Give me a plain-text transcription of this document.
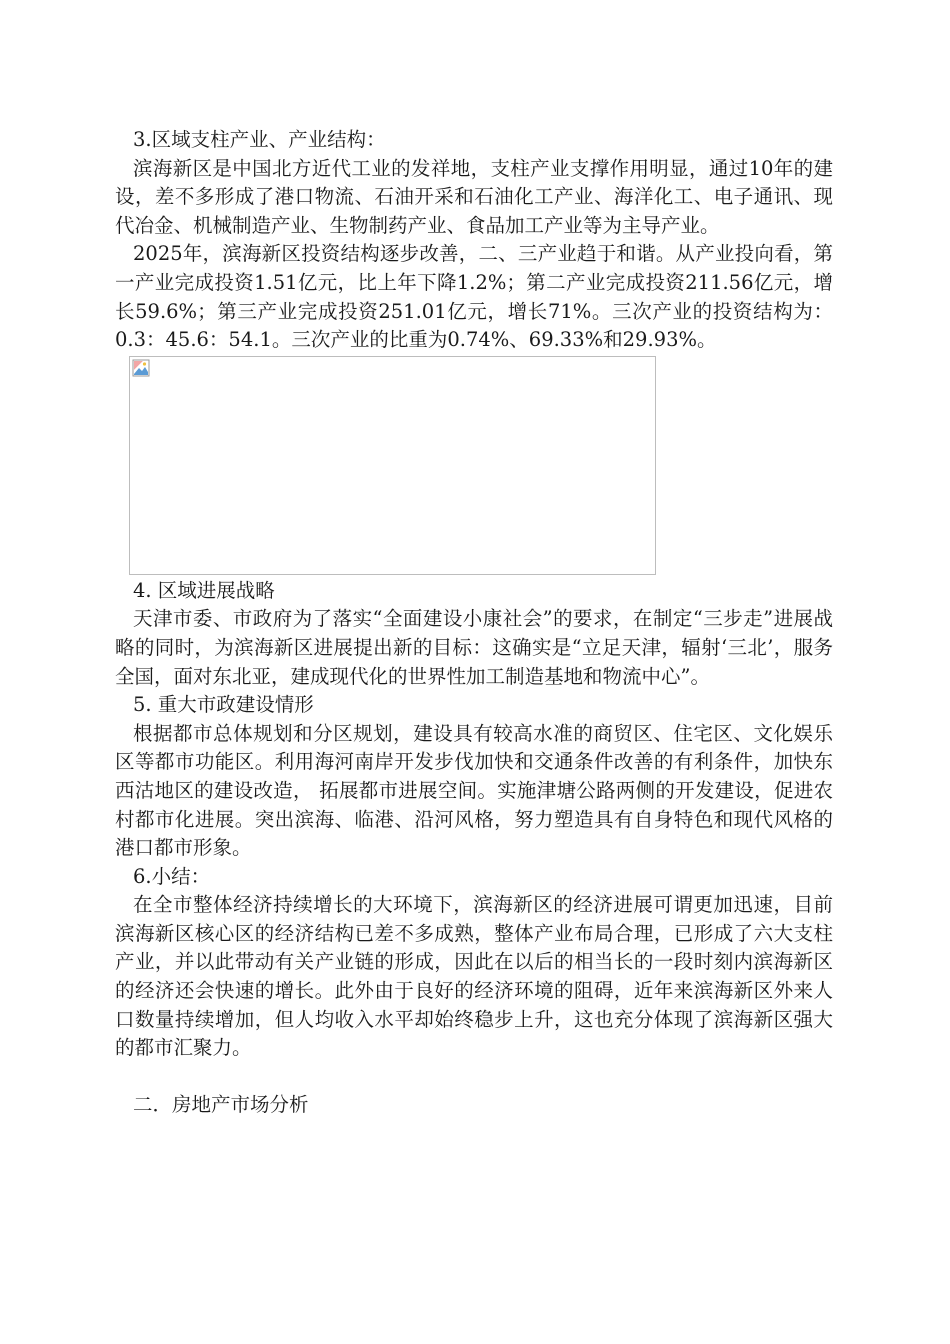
3.区域支柱产业、产业结构：

滨海新区是中国北方近代工业的发祥地，支柱产业支撑作用明显，通过10年的建设，差不多形成了港口物流、石油开采和石油化工产业、海洋化工、电子通讯、现代冶金、机械制造产业、生物制药产业、食品加工产业等为主导产业。

2025年，滨海新区投资结构逐步改善，二、三产业趋于和谐。从产业投向看，第一产业完成投资1.51亿元，比上年下降1.2%；第二产业完成投资211.56亿元，增长59.6%；第三产业完成投资251.01亿元，增长71%。三次产业的投资结构为：0.3：45.6：54.1。三次产业的比重为0.74%、69.33%和29.93%。

4. 区域进展战略

天津市委、市政府为了落实“全面建设小康社会”的要求，在制定“三步走”进展战略的同时，为滨海新区进展提出新的目标：这确实是“立足天津，辐射‘三北’，服务全国，面对东北亚，建成现代化的世界性加工制造基地和物流中心”。

5. 重大市政建设情形

根据都市总体规划和分区规划，建设具有较高水准的商贸区、住宅区、文化娱乐区等都市功能区。利用海河南岸开发步伐加快和交通条件改善的有利条件，加快东西沽地区的建设改造， 拓展都市进展空间。实施津塘公路两侧的开发建设，促进农村都市化进展。突出滨海、临港、沿河风格，努力塑造具有自身特色和现代风格的港口都市形象。

6.小结：

在全市整体经济持续增长的大环境下，滨海新区的经济进展可谓更加迅速，目前滨海新区核心区的经济结构已差不多成熟，整体产业布局合理，已形成了六大支柱产业，并以此带动有关产业链的形成，因此在以后的相当长的一段时刻内滨海新区的经济还会快速的增长。此外由于良好的经济环境的阻碍，近年来滨海新区外来人口数量持续增加，但人均收入水平却始终稳步上升，这也充分体现了滨海新区强大的都市汇聚力。

二．房地产市场分析
